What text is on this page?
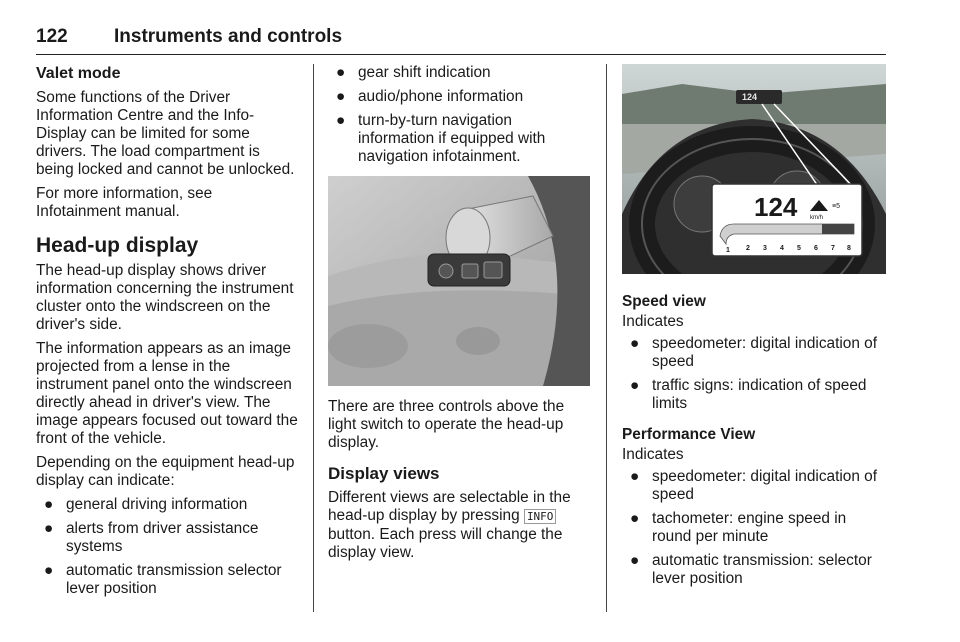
122 Instruments and controls
Valet mode

Some functions of the Driver Information Centre and the Info-Display can be limited for some drivers. The load compartment is being locked and cannot be unlocked.

For more information, see Infotainment manual.

Head-up display

The head-up display shows driver information concerning the instrument cluster onto the windscreen on the driver's side.

The information appears as an image projected from a lense in the instrument panel onto the windscreen directly ahead in driver's view. The image appears focused out toward the front of the vehicle.

Depending on the equipment head-up display can indicate:

● general driving information
● alerts from driver assistance systems
● automatic transmission selector lever position
● gear shift indication
● audio/phone information
● turn-by-turn navigation information if equipped with navigation infotainment.

There are three controls above the light switch to operate the head-up display.

Display views

Different views are selectable in the head-up display by pressing INFO button. Each press will change the display view.

124
124 km/h
≡5
1 2 3 4 5 6 7 8
Speed view

Indicates

● speedometer: digital indication of speed
● traffic signs: indication of speed limits
Performance View

Indicates

● speedometer: digital indication of speed
● tachometer: engine speed in round per minute
● automatic transmission: selector lever position
